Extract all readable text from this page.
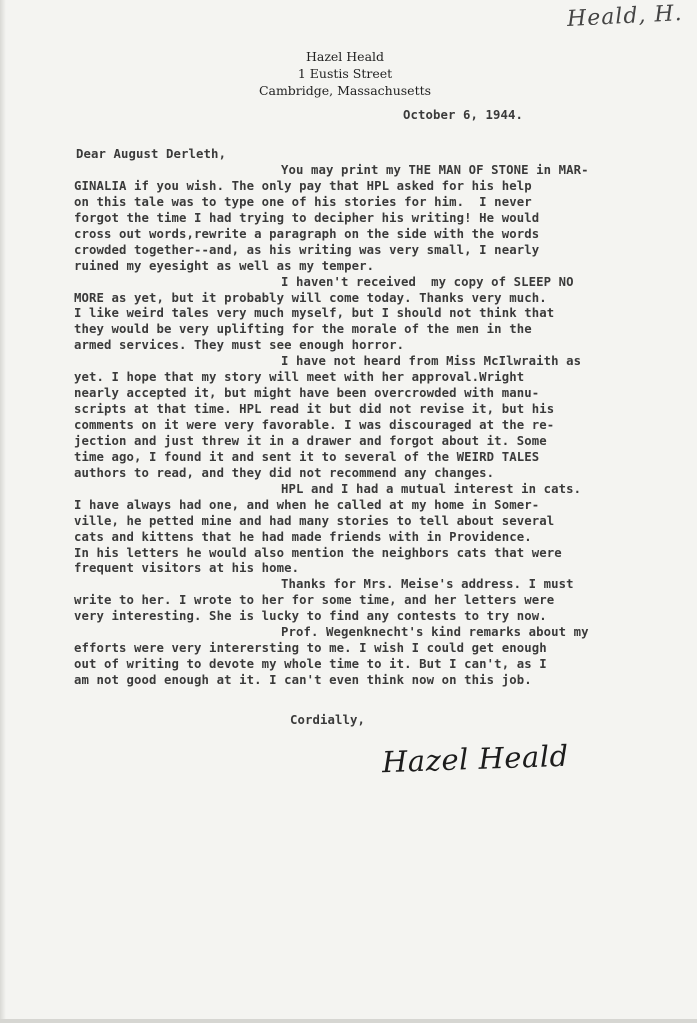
Heald, H.
Hazel Heald
1 Eustis Street
Cambridge, Massachusetts
October 6, 1944.
Dear August Derleth,
You may print my THE MAN OF STONE in MAR-
GINALIA if you wish. The only pay that HPL asked for his help
on this tale was to type one of his stories for him.  I never
forgot the time I had trying to decipher his writing! He would
cross out words,rewrite a paragraph on the side with the words
crowded together--and, as his writing was very small, I nearly
ruined my eyesight as well as my temper.
I haven't received  my copy of SLEEP NO
MORE as yet, but it probably will come today. Thanks very much.
I like weird tales very much myself, but I should not think that
they would be very uplifting for the morale of the men in the
armed services. They must see enough horror.
I have not heard from Miss McIlwraith as
yet. I hope that my story will meet with her approval.Wright
nearly accepted it, but might have been overcrowded with manu-
scripts at that time. HPL read it but did not revise it, but his
comments on it were very favorable. I was discouraged at the re-
jection and just threw it in a drawer and forgot about it. Some
time ago, I found it and sent it to several of the WEIRD TALES
authors to read, and they did not recommend any changes.
HPL and I had a mutual interest in cats.
I have always had one, and when he called at my home in Somer-
ville, he petted mine and had many stories to tell about several
cats and kittens that he had made friends with in Providence.
In his letters he would also mention the neighbors cats that were
frequent visitors at his home.
Thanks for Mrs. Meise's address. I must
write to her. I wrote to her for some time, and her letters were
very interesting. She is lucky to find any contests to try now.
Prof. Wegenknecht's kind remarks about my
efforts were very interersting to me. I wish I could get enough
out of writing to devote my whole time to it. But I can't, as I
am not good enough at it. I can't even think now on this job.
Cordially,
Hazel Heald
